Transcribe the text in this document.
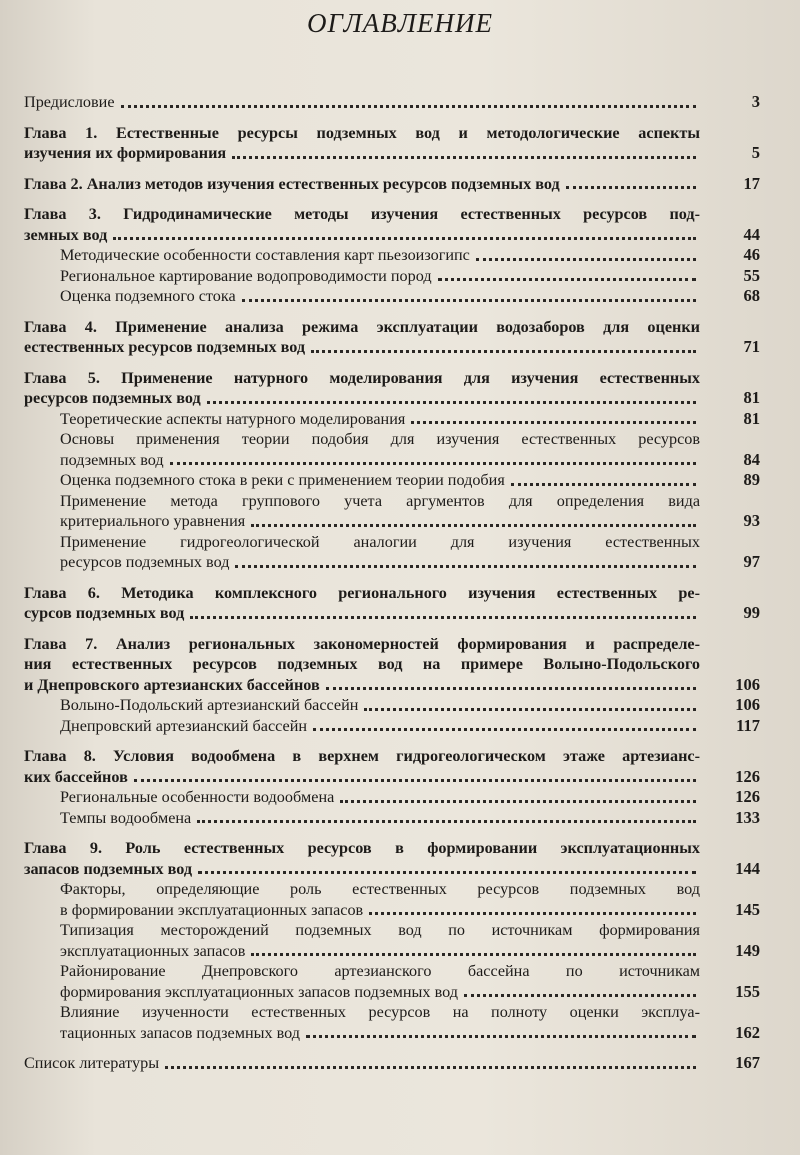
ОГЛАВЛЕНИЕ
Предисловие	3
Глава 1. Естественные ресурсы подземных вод и методологические аспекты
изучения их формирования	5
Глава 2. Анализ методов изучения естественных ресурсов подземных вод	17
Глава 3. Гидродинамические методы изучения естественных ресурсов под-
земных вод	44
Методические особенности составления карт пьезоизогипс	46
Региональное картирование водопроводимости пород	55
Оценка подземного стока	68
Глава 4. Применение анализа режима эксплуатации водозаборов для оценки
естественных ресурсов подземных вод	71
Глава 5. Применение натурного моделирования для изучения естественных
ресурсов подземных вод	81
Теоретические аспекты натурного моделирования	81
Основы применения теории подобия для изучения естественных ресурсов
подземных вод	84
Оценка подземного стока в реки с применением теории подобия	89
Применение метода группового учета аргументов для определения вида
критериального уравнения	93
Применение гидрогеологической аналогии для изучения естественных
ресурсов подземных вод	97
Глава 6. Методика комплексного регионального изучения естественных ре-
сурсов подземных вод	99
Глава 7. Анализ региональных закономерностей формирования и распределе-
ния естественных ресурсов подземных вод на примере Волыно-Подольского
и Днепровского артезианских бассейнов	106
Волыно-Подольский артезианский бассейн	106
Днепровский артезианский бассейн	117
Глава 8. Условия водообмена в верхнем гидрогеологическом этаже артезианс-
ких бассейнов	126
Региональные особенности водообмена	126
Темпы водообмена	133
Глава 9. Роль естественных ресурсов в формировании эксплуатационных
запасов подземных вод	144
Факторы, определяющие роль естественных ресурсов подземных вод
в формировании эксплуатационных запасов	145
Типизация месторождений подземных вод по источникам формирования
эксплуатационных запасов	149
Районирование Днепровского артезианского бассейна по источникам
формирования эксплуатационных запасов подземных вод	155
Влияние изученности естественных ресурсов на полноту оценки эксплуа-
тационных запасов подземных вод	162
Список литературы	167
